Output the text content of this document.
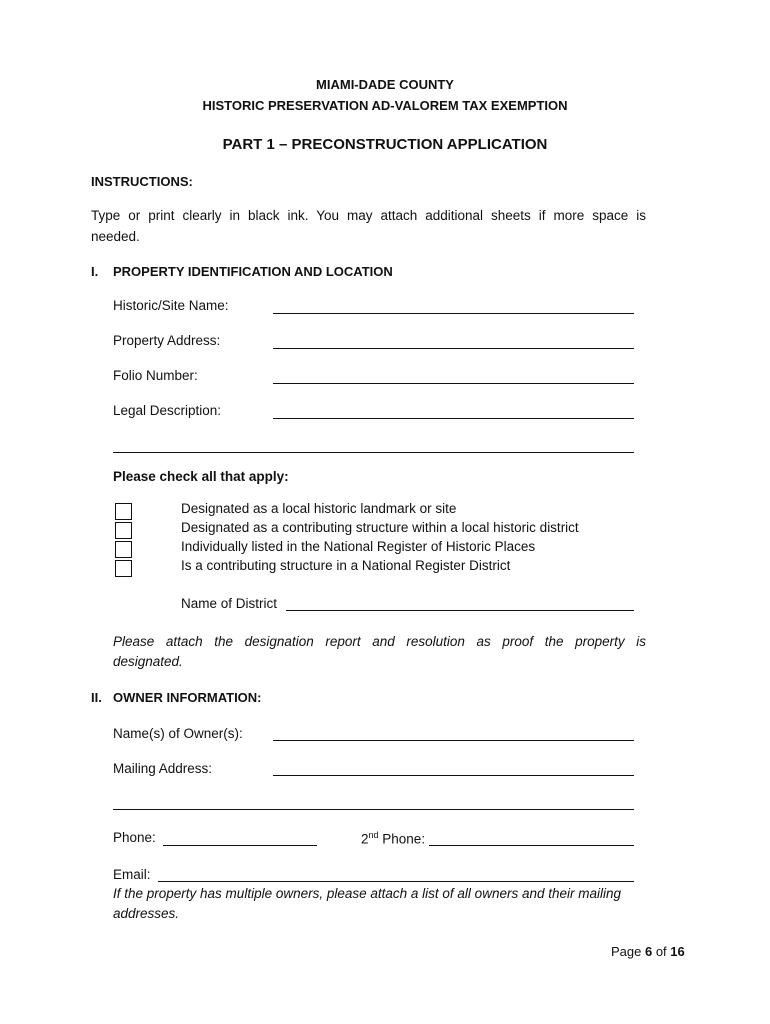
MIAMI-DADE COUNTY
HISTORIC PRESERVATION AD-VALOREM TAX EXEMPTION
PART 1 – PRECONSTRUCTION APPLICATION
INSTRUCTIONS:
Type or print clearly in black ink. You may attach additional sheets if more space is
needed.
I. PROPERTY IDENTIFICATION AND LOCATION
Historic/Site Name:
Property Address:
Folio Number:
Legal Description:
Please check all that apply:
Designated as a local historic landmark or site
Designated as a contributing structure within a local historic district
Individually listed in the National Register of Historic Places
Is a contributing structure in a National Register District
Name of District
Please attach the designation report and resolution as proof the property is
designated.
II. OWNER INFORMATION:
Name(s) of Owner(s):
Mailing Address:
Phone:	2nd Phone:
Email:
If the property has multiple owners, please attach a list of all owners and their mailing
addresses.
Page 6 of 16
